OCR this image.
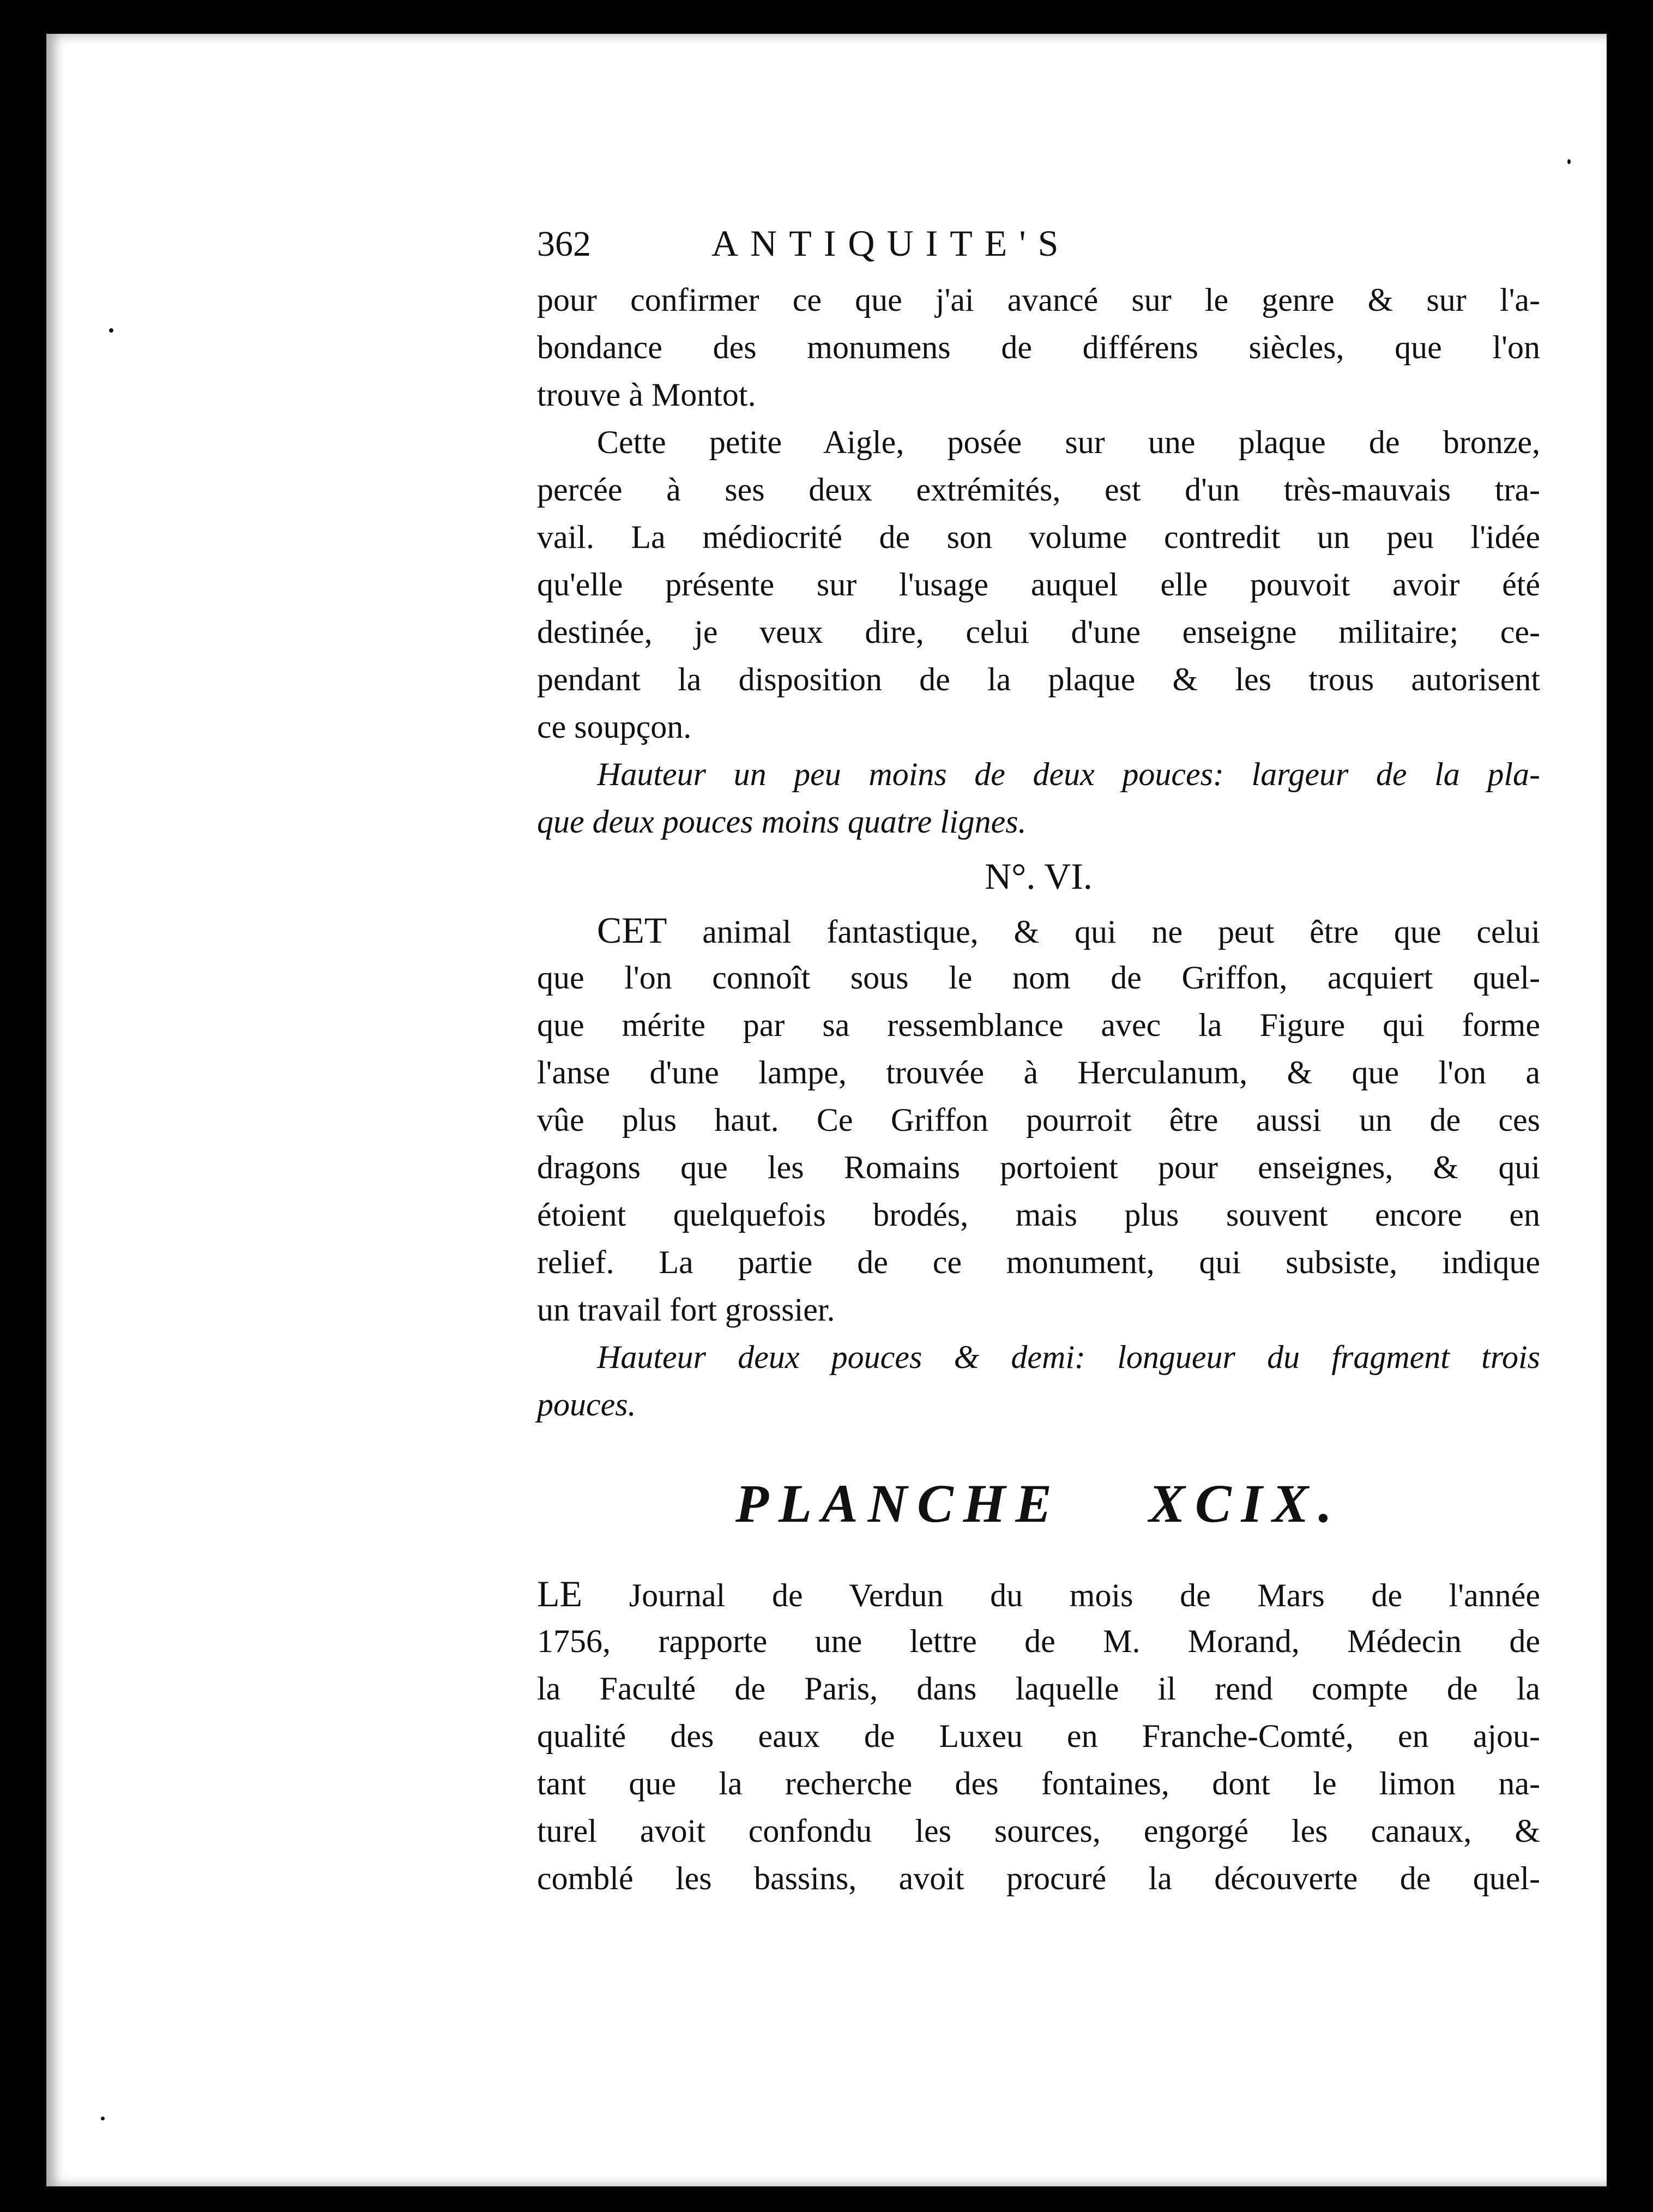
362	ANTIQUITE'S
pour confirmer ce que j'ai avancé sur le genre & sur l'a-
bondance des monumens de différens siècles, que l'on
trouve à Montot.
Cette petite Aigle, posée sur une plaque de bronze,
percée à ses deux extrémités, est d'un très-mauvais tra-
vail. La médiocrité de son volume contredit un peu l'idée
qu'elle présente sur l'usage auquel elle pouvoit avoir été
destinée, je veux dire, celui d'une enseigne militaire; ce-
pendant la disposition de la plaque & les trous autorisent
ce soupçon.
Hauteur un peu moins de deux pouces: largeur de la pla-
que deux pouces moins quatre lignes.
N°. VI.
CET animal fantastique, & qui ne peut être que celui
que l'on connoît sous le nom de Griffon, acquiert quel-
que mérite par sa ressemblance avec la Figure qui forme
l'anse d'une lampe, trouvée à Herculanum, & que l'on a
vûe plus haut. Ce Griffon pourroit être aussi un de ces
dragons que les Romains portoient pour enseignes, & qui
étoient quelquefois brodés, mais plus souvent encore en
relief. La partie de ce monument, qui subsiste, indique
un travail fort grossier.
Hauteur deux pouces & demi: longueur du fragment trois
pouces.
PLANCHE XCIX.
LE Journal de Verdun du mois de Mars de l'année
1756, rapporte une lettre de M. Morand, Médecin de
la Faculté de Paris, dans laquelle il rend compte de la
qualité des eaux de Luxeu en Franche-Comté, en ajou-
tant que la recherche des fontaines, dont le limon na-
turel avoit confondu les sources, engorgé les canaux, &
comblé les bassins, avoit procuré la découverte de quel-
